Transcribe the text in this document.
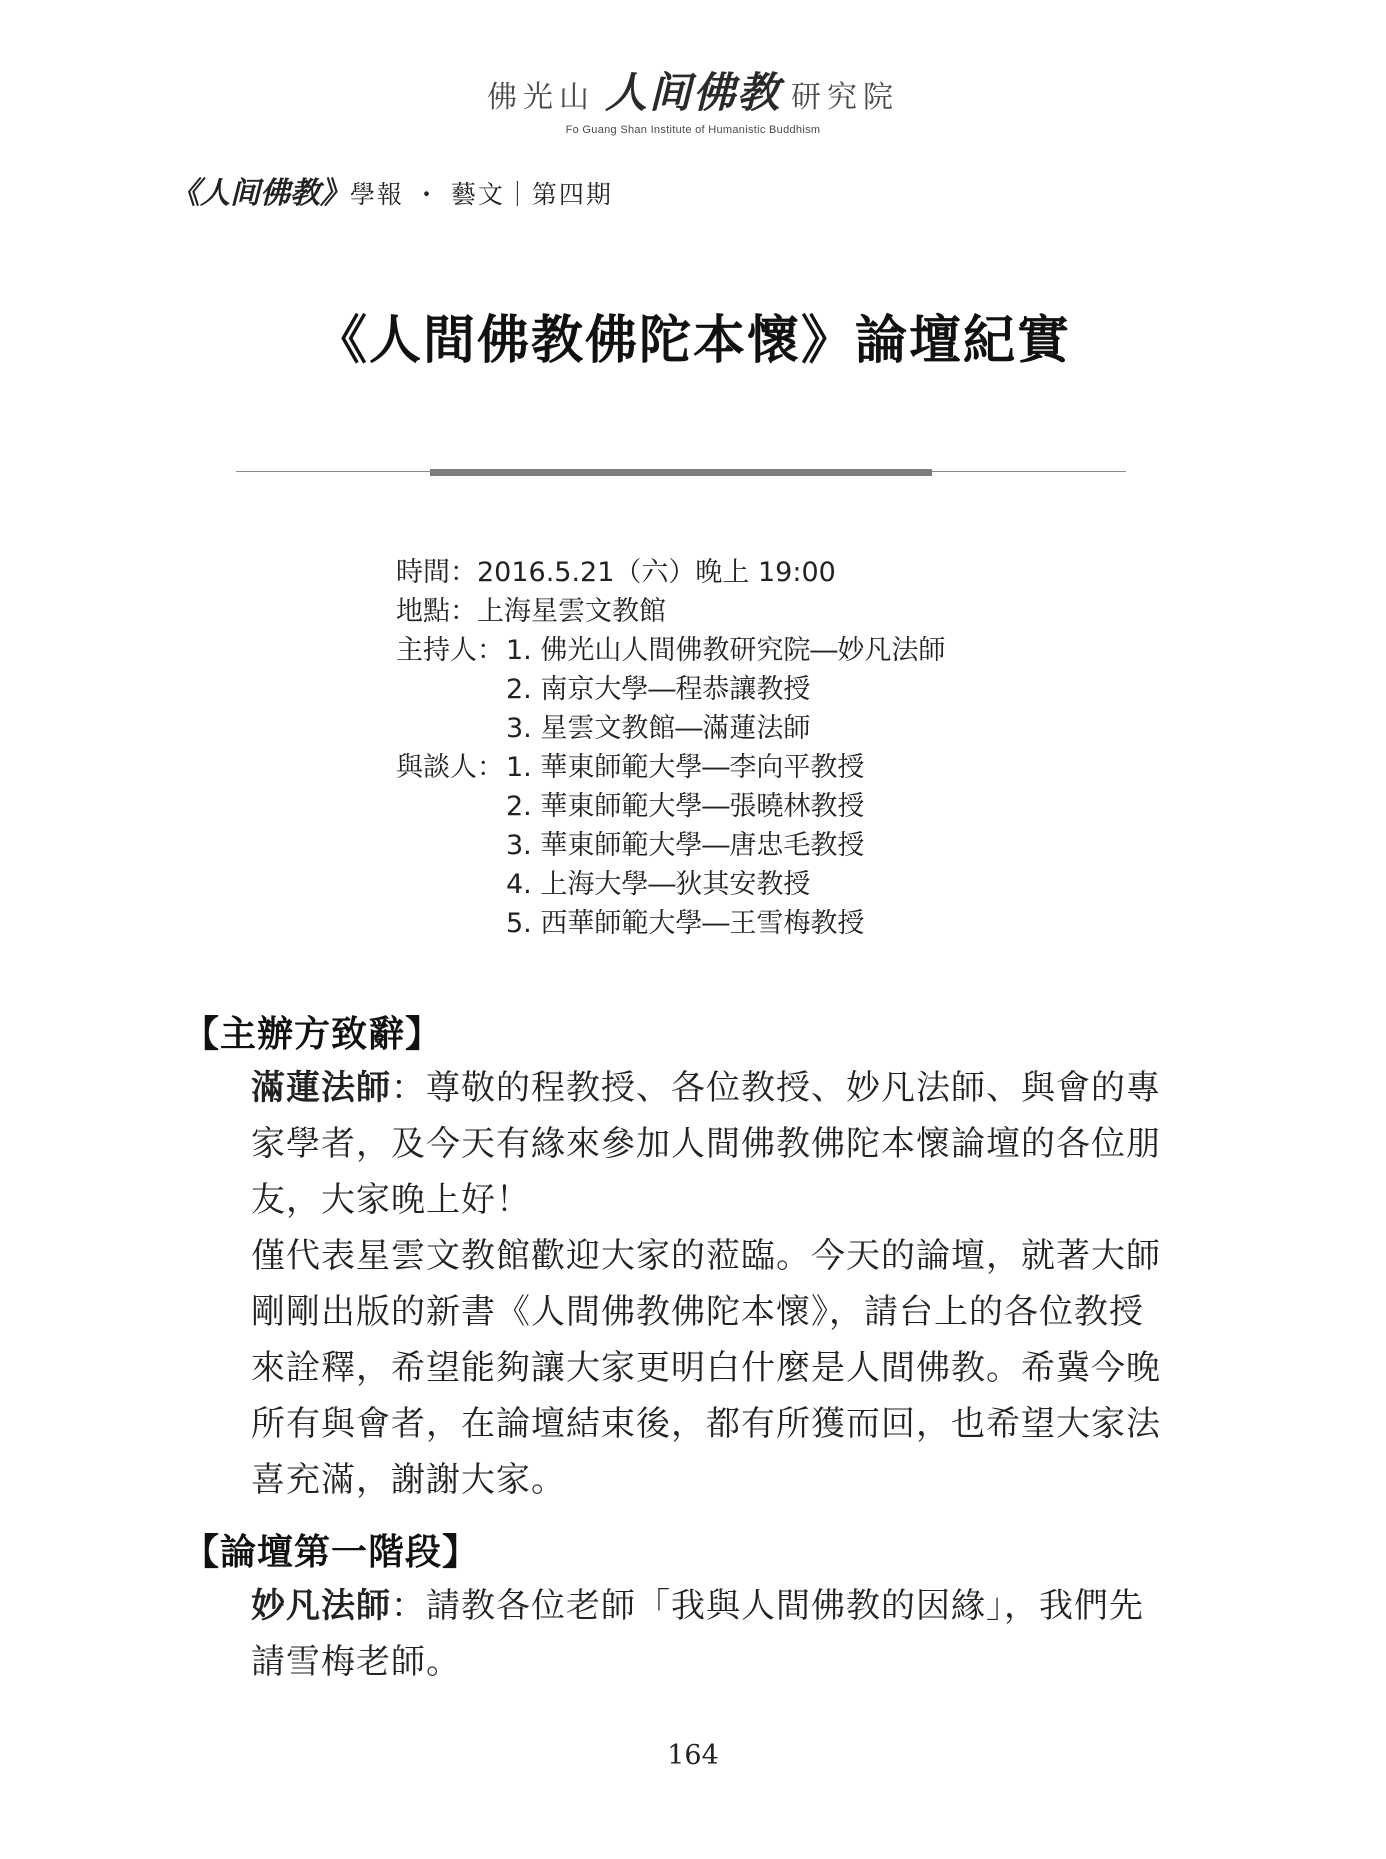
佛光山 人间佛教 研究院
Fo Guang Shan Institute of Humanistic Buddhism
《人间佛教》學報 ・ 藝文｜第四期
《人間佛教佛陀本懷》論壇紀實
時間：2016.5.21（六）晚上 19:00
地點：上海星雲文教館
主持人：1. 佛光山人間佛教研究院―妙凡法師
2. 南京大學―程恭讓教授
3. 星雲文教館―滿蓮法師
與談人：1. 華東師範大學―李向平教授
2. 華東師範大學―張曉林教授
3. 華東師範大學―唐忠毛教授
4. 上海大學―狄其安教授
5. 西華師範大學―王雪梅教授
【主辦方致辭】
滿蓮法師：尊敬的程教授、各位教授、妙凡法師、與會的專家學者，及今天有緣來參加人間佛教佛陀本懷論壇的各位朋友，大家晚上好！
僅代表星雲文教館歡迎大家的蒞臨。今天的論壇，就著大師剛剛出版的新書《人間佛教佛陀本懷》，請台上的各位教授來詮釋，希望能夠讓大家更明白什麼是人間佛教。希冀今晚所有與會者，在論壇結束後，都有所獲而回，也希望大家法喜充滿，謝謝大家。
【論壇第一階段】
妙凡法師：請教各位老師「我與人間佛教的因緣」，我們先請雪梅老師。
164
